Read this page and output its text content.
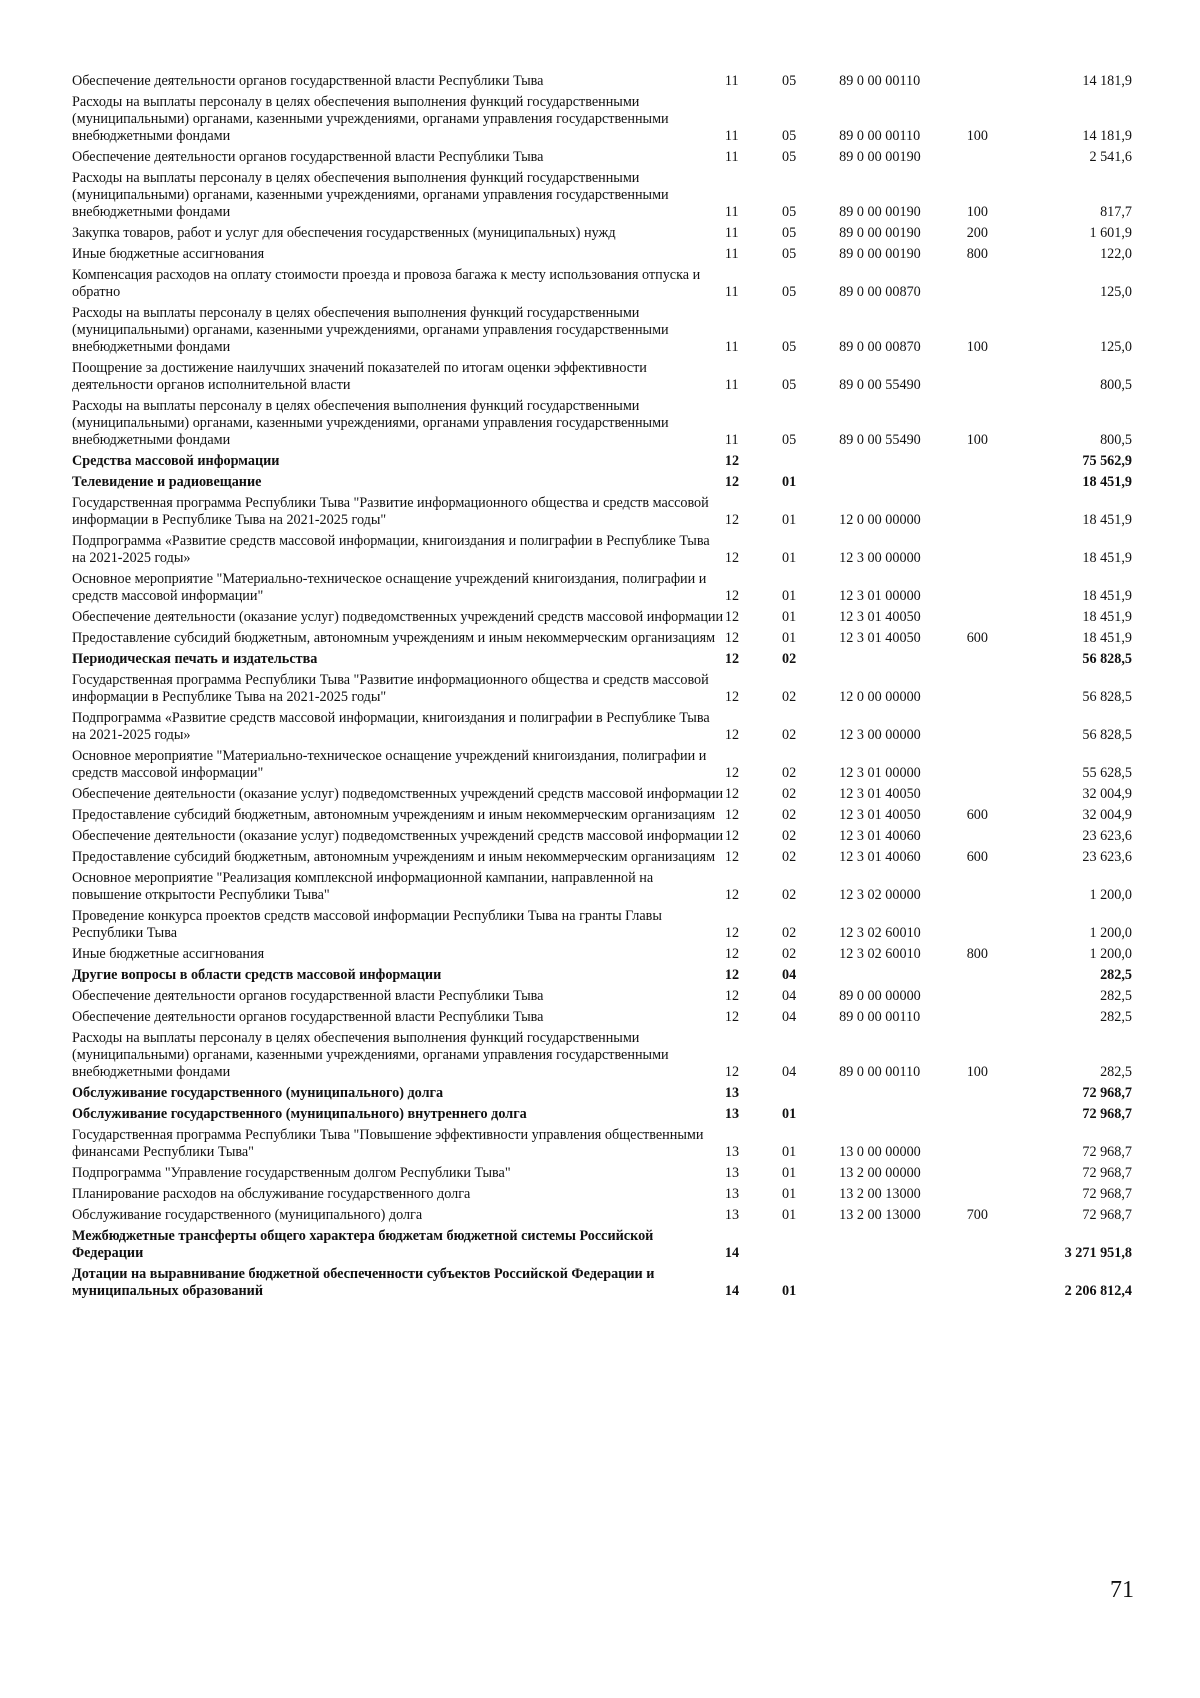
Обеспечение деятельности органов государственной власти Республики Тыва	11	05	89 0 00 00110		14 181,9
Расходы на выплаты персоналу в целях обеспечения выполнения функций государственными (муниципальными) органами, казенными учреждениями, органами управления государственными внебюджетными фондами	11	05	89 0 00 00110	100	14 181,9
Обеспечение деятельности органов государственной власти Республики Тыва	11	05	89 0 00 00190		2 541,6
Расходы на выплаты персоналу в целях обеспечения выполнения функций государственными (муниципальными) органами, казенными учреждениями, органами управления государственными внебюджетными фондами	11	05	89 0 00 00190	100	817,7
Закупка товаров, работ и услуг для обеспечения государственных (муниципальных) нужд	11	05	89 0 00 00190	200	1 601,9
Иные бюджетные ассигнования	11	05	89 0 00 00190	800	122,0
Компенсация расходов на оплату стоимости проезда и провоза багажа к месту использования отпуска и обратно	11	05	89 0 00 00870		125,0
Расходы на выплаты персоналу в целях обеспечения выполнения функций государственными (муниципальными) органами, казенными учреждениями, органами управления государственными внебюджетными фондами	11	05	89 0 00 00870	100	125,0
Поощрение за достижение наилучших значений показателей по итогам оценки эффективности деятельности органов исполнительной власти	11	05	89 0 00 55490		800,5
Расходы на выплаты персоналу в целях обеспечения выполнения функций государственными (муниципальными) органами, казенными учреждениями, органами управления государственными внебюджетными фондами	11	05	89 0 00 55490	100	800,5
Средства массовой информации	12				75 562,9
Телевидение и радиовещание	12	01			18 451,9
Государственная программа Республики Тыва "Развитие информационного общества и средств массовой информации в Республике Тыва на 2021-2025 годы"	12	01	12 0 00 00000		18 451,9
Подпрограмма «Развитие средств массовой информации, книгоиздания и полиграфии в Республике Тыва на 2021-2025 годы»	12	01	12 3 00 00000		18 451,9
Основное мероприятие "Материально-техническое оснащение учреждений книгоиздания, полиграфии и средств массовой информации"	12	01	12 3 01 00000		18 451,9
Обеспечение деятельности (оказание услуг) подведомственных учреждений средств массовой информации	12	01	12 3 01 40050		18 451,9
Предоставление субсидий бюджетным, автономным учреждениям и иным некоммерческим организациям	12	01	12 3 01 40050	600	18 451,9
Периодическая печать и издательства	12	02			56 828,5
Государственная программа Республики Тыва "Развитие информационного общества и средств массовой информации в Республике Тыва на 2021-2025 годы"	12	02	12 0 00 00000		56 828,5
Подпрограмма «Развитие средств массовой информации, книгоиздания и полиграфии в Республике Тыва на 2021-2025 годы»	12	02	12 3 00 00000		56 828,5
Основное мероприятие "Материально-техническое оснащение учреждений книгоиздания, полиграфии и средств массовой информации"	12	02	12 3 01 00000		55 628,5
Обеспечение деятельности (оказание услуг) подведомственных учреждений средств массовой информации	12	02	12 3 01 40050		32 004,9
Предоставление субсидий бюджетным, автономным учреждениям и иным некоммерческим организациям	12	02	12 3 01 40050	600	32 004,9
Обеспечение деятельности (оказание услуг) подведомственных учреждений средств массовой информации	12	02	12 3 01 40060		23 623,6
Предоставление субсидий бюджетным, автономным учреждениям и иным некоммерческим организациям	12	02	12 3 01 40060	600	23 623,6
Основное мероприятие "Реализация комплексной информационной кампании, направленной на повышение открытости Республики Тыва"	12	02	12 3 02 00000		1 200,0
Проведение конкурса проектов средств массовой информации Республики Тыва на гранты Главы Республики Тыва	12	02	12 3 02 60010		1 200,0
Иные бюджетные ассигнования	12	02	12 3 02 60010	800	1 200,0
Другие вопросы в области средств массовой информации	12	04			282,5
Обеспечение деятельности органов государственной власти Республики Тыва	12	04	89 0 00 00000		282,5
Обеспечение деятельности органов государственной власти Республики Тыва	12	04	89 0 00 00110		282,5
Расходы на выплаты персоналу в целях обеспечения выполнения функций государственными (муниципальными) органами, казенными учреждениями, органами управления государственными внебюджетными фондами	12	04	89 0 00 00110	100	282,5
Обслуживание государственного (муниципального) долга	13				72 968,7
Обслуживание государственного (муниципального) внутреннего долга	13	01			72 968,7
Государственная программа Республики Тыва "Повышение эффективности управления общественными финансами Республики Тыва"	13	01	13 0 00 00000		72 968,7
Подпрограмма "Управление государственным долгом Республики Тыва"	13	01	13 2 00 00000		72 968,7
Планирование расходов на обслуживание государственного долга	13	01	13 2 00 13000		72 968,7
Обслуживание государственного (муниципального) долга	13	01	13 2 00 13000	700	72 968,7
Межбюджетные трансферты общего характера бюджетам бюджетной системы Российской Федерации	14				3 271 951,8
Дотации на выравнивание бюджетной обеспеченности субъектов Российской Федерации и муниципальных образований	14	01			2 206 812,4
71
